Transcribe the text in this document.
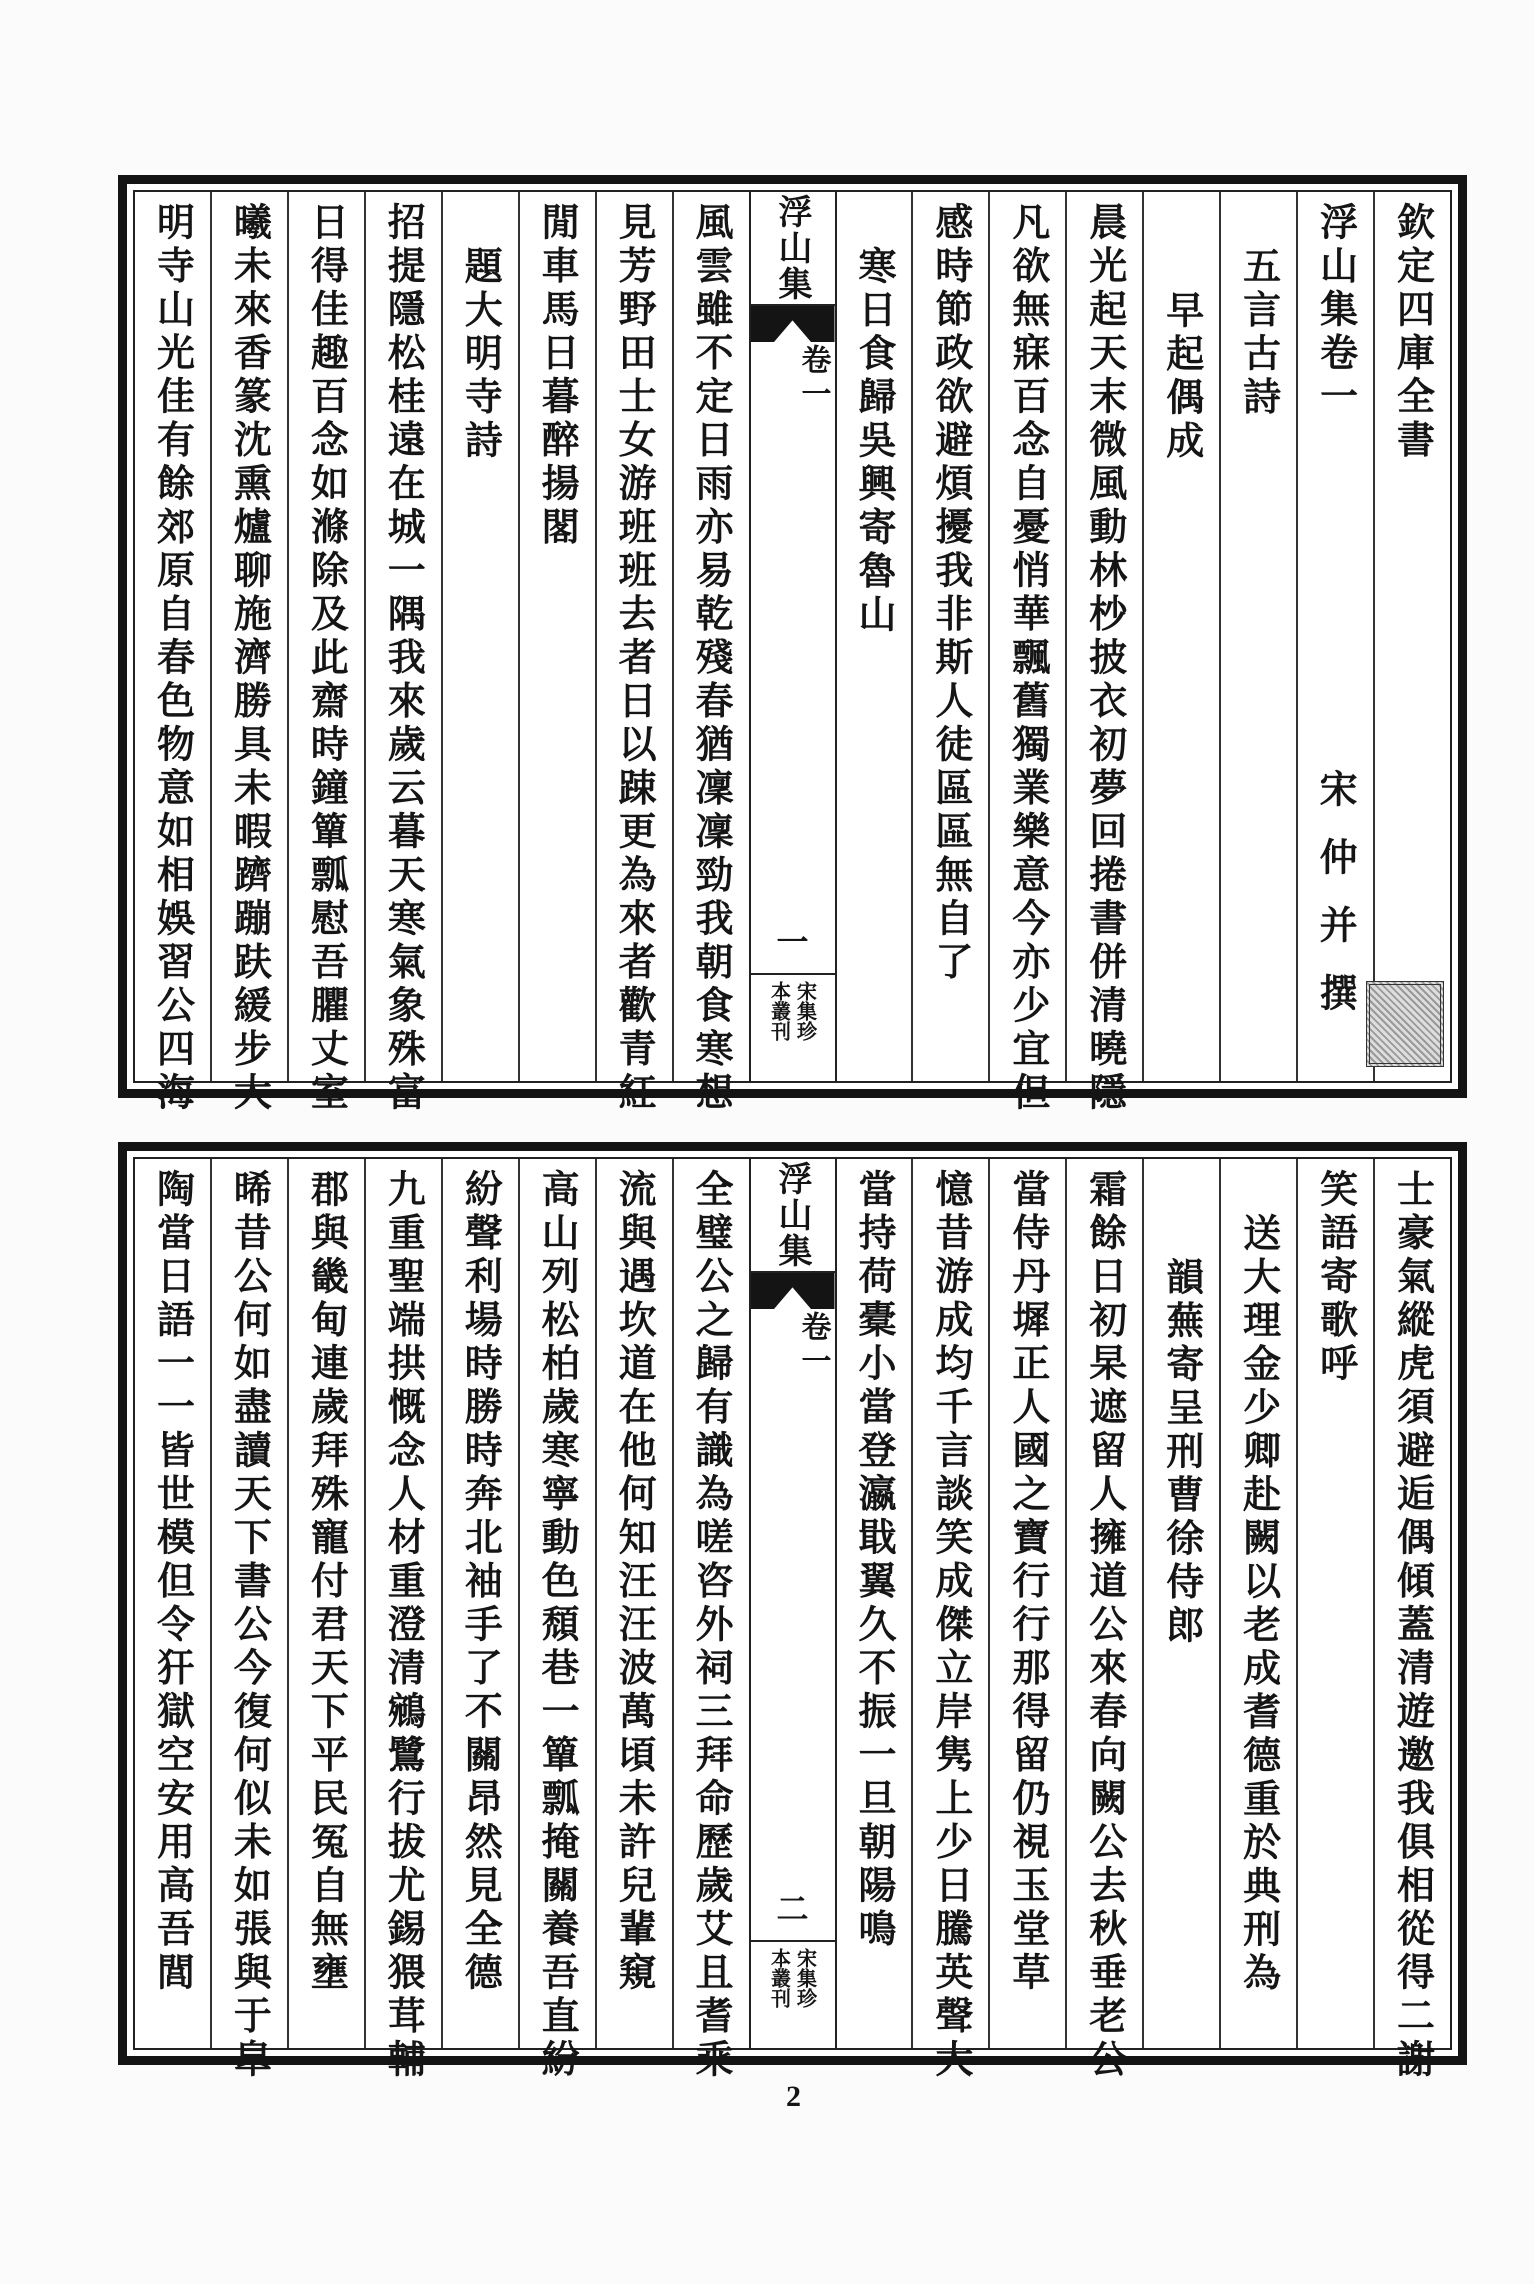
欽定四庫全書
浮山集卷一
宋仲并撰
五言古詩
早起偶成
晨光起天末微風動林杪披衣初夢回捲書併清曉隱
凡欲無寐百念自憂悄華飄舊獨業樂意今亦少宜但
感時節政欲避煩擾我非斯人徒區區無自了
寒日食歸吳興寄魯山
浮山集
卷一
一
宋集珍
本叢刊
風雲雖不定日雨亦易乾殘春猶凜凜勁我朝食寒想
見芳野田士女游班班去者日以踈更為來者歡青紅
閒車馬日暮醉揚閣
題大明寺詩
招提隱松桂遠在城一隅我來歲云暮天寒氣象殊富
日得佳趣百念如滌除及此齋時鐘簞瓢慰吾臞丈室
曦未來香篆沈熏爐聊施濟勝具未暇躋蹦趺緩步大
明寺山光佳有餘郊原自春色物意如相娛習公四海
士豪氣縱虎須避逅偶傾蓋清遊邀我俱相從得二謝
笑語寄歌呼
送大理金少卿赴闕以老成耆德重於典刑為
韻蕪寄呈刑曹徐侍郎
霜餘日初杲遮留人擁道公來春向闕公去秋垂老公
當侍丹墀正人國之寶行行那得留仍視玉堂草
憶昔游成均千言談笑成傑立岸隽上少日騰英聲大
當持荷橐小當登瀛戢翼久不振一旦朝陽鳴
浮山集
卷一
二
宋集珍
本叢刊
全璧公之歸有識為嗟咨外祠三拜命歷歲艾且耆乘
流與遇坎道在他何知汪汪波萬頃未許兒輩窺
高山列松柏歲寒寧動色頹巷一簞瓢掩關養吾直紛
紛聲利場時勝時奔北袖手了不關昂然見全德
九重聖端拱慨念人材重澄清鵷鷺行拔尤錫猥茸輔
郡與畿甸連歲拜殊寵付君天下平民冤自無壅
晞昔公何如盡讀天下書公今復何似未如張與于皐
陶當日語一一皆世模但令犴獄空安用高吾閭
2
